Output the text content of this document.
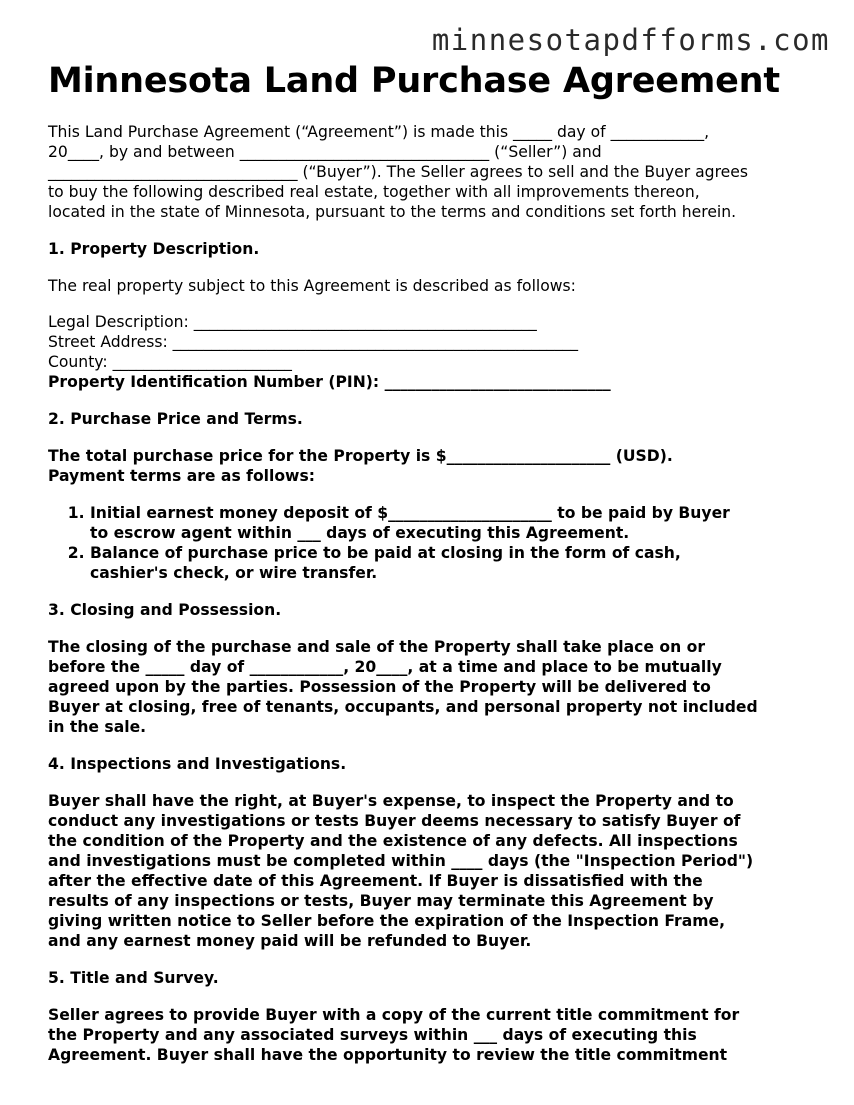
minnesotapdfforms.com
Minnesota Land Purchase Agreement

This Land Purchase Agreement (“Agreement”) is made this _____ day of ____________,

20____, by and between ________________________________ (“Seller”) and

________________________________ (“Buyer”). The Seller agrees to sell and the Buyer agrees

to buy the following described real estate, together with all improvements thereon,

located in the state of Minnesota, pursuant to the terms and conditions set forth herein.

1. Property Description.

The real property subject to this Agreement is described as follows:

Legal Description: ____________________________________________

Street Address: ____________________________________________________

County: _______________________

Property Identification Number (PIN): _____________________________

2. Purchase Price and Terms.

The total purchase price for the Property is $_____________________ (USD).

Payment terms are as follows:

1. Initial earnest money deposit of $_____________________ to be paid by Buyer
to escrow agent within ___ days of executing this Agreement.
2. Balance of purchase price to be paid at closing in the form of cash,
cashier's check, or wire transfer.

3. Closing and Possession.

The closing of the purchase and sale of the Property shall take place on or

before the _____ day of ____________, 20____, at a time and place to be mutually

agreed upon by the parties. Possession of the Property will be delivered to

Buyer at closing, free of tenants, occupants, and personal property not included

in the sale.

4. Inspections and Investigations.

Buyer shall have the right, at Buyer's expense, to inspect the Property and to

conduct any investigations or tests Buyer deems necessary to satisfy Buyer of

the condition of the Property and the existence of any defects. All inspections

and investigations must be completed within ____ days (the "Inspection Period")

after the effective date of this Agreement. If Buyer is dissatisfied with the

results of any inspections or tests, Buyer may terminate this Agreement by

giving written notice to Seller before the expiration of the Inspection Frame,

and any earnest money paid will be refunded to Buyer.

5. Title and Survey.

Seller agrees to provide Buyer with a copy of the current title commitment for

the Property and any associated surveys within ___ days of executing this

Agreement. Buyer shall have the opportunity to review the title commitment
